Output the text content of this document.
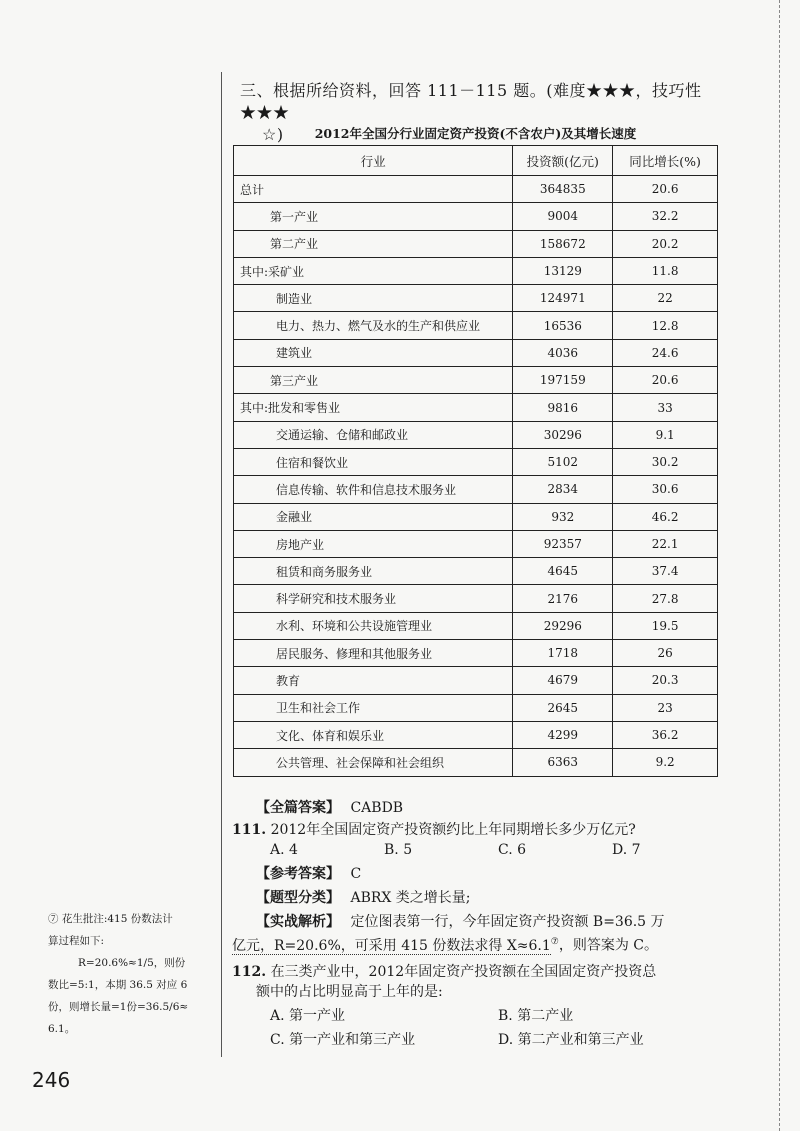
三、根据所给资料，回答 111－115 题。(难度★★★，技巧性★★★
☆)	2012年全国分行业固定资产投资(不含农户)及其增长速度
行业	投资额(亿元)	同比增长(%)
总计	364835	20.6
第一产业	9004	32.2
第二产业	158672	20.2
其中:采矿业	13129	11.8
制造业	124971	22
电力、热力、燃气及水的生产和供应业	16536	12.8
建筑业	4036	24.6
第三产业	197159	20.6
其中:批发和零售业	9816	33
交通运输、仓储和邮政业	30296	9.1
住宿和餐饮业	5102	30.2
信息传输、软件和信息技术服务业	2834	30.6
金融业	932	46.2
房地产业	92357	22.1
租赁和商务服务业	4645	37.4
科学研究和技术服务业	2176	27.8
水利、环境和公共设施管理业	29296	19.5
居民服务、修理和其他服务业	1718	26
教育	4679	20.3
卫生和社会工作	2645	23
文化、体育和娱乐业	4299	36.2
公共管理、社会保障和社会组织	6363	9.2
【全篇答案】 CABDB
111. 2012年全国固定资产投资额约比上年同期增长多少万亿元?
A. 4	B. 5	C. 6	D. 7
【参考答案】 C
【题型分类】 ABRX 类之增长量;
【实战解析】 定位图表第一行，今年固定资产投资额 B=36.5 万
亿元，R=20.6%，可采用 415 份数法求得 X≈6.1⑦，则答案为 C。
112. 在三类产业中，2012年固定资产投资额在全国固定资产投资总
额中的占比明显高于上年的是:
A. 第一产业	B. 第二产业
C. 第一产业和第三产业	D. 第二产业和第三产业
⑦ 花生批注:415 份数法计
算过程如下:
R=20.6%≈1/5，则份
数比=5:1，本期 36.5 对应 6
份，则增长量=1份=36.5/6≈
6.1。
246
